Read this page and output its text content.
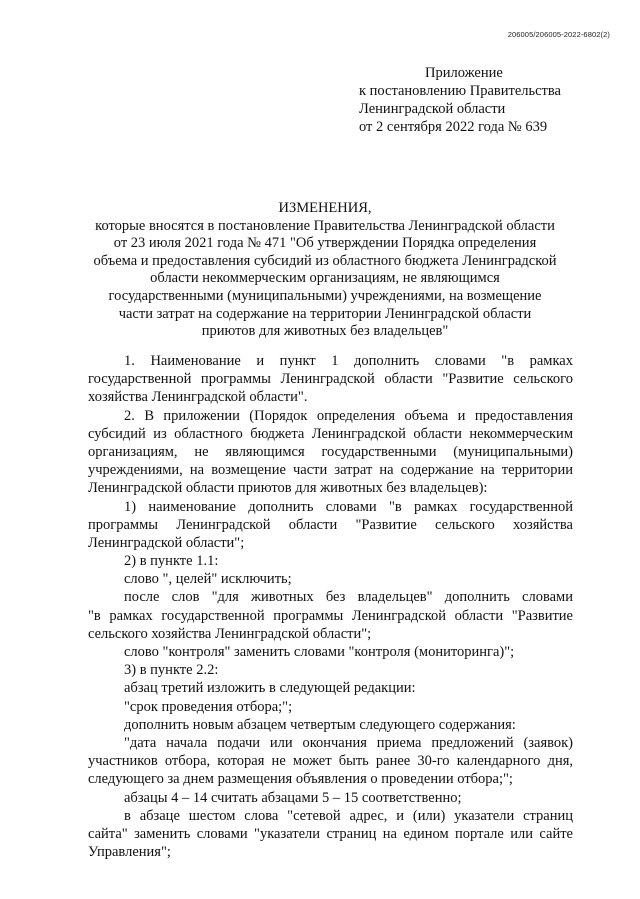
206005/206005-2022-6802(2)
Приложение
к постановлению Правительства
Ленинградской области
от 2 сентября 2022 года № 639
ИЗМЕНЕНИЯ,
которые вносятся в постановление Правительства Ленинградской области
от 23 июля 2021 года № 471 "Об утверждении Порядка определения
объема и предоставления субсидий из областного бюджета Ленинградской
области некоммерческим организациям, не являющимся
государственными (муниципальными) учреждениями, на возмещение
части затрат на содержание на территории Ленинградской области
приютов для животных без владельцев"
1. Наименование и пункт 1 дополнить словами "в рамках
государственной программы Ленинградской области "Развитие сельского
хозяйства Ленинградской области".
2. В приложении (Порядок определения объема и предоставления
субсидий из областного бюджета Ленинградской области некоммерческим
организациям, не являющимся государственными (муниципальными)
учреждениями, на возмещение части затрат на содержание на территории
Ленинградской области приютов для животных без владельцев):
1) наименование дополнить словами "в рамках государственной
программы Ленинградской области "Развитие сельского хозяйства
Ленинградской области";
2) в пункте 1.1:
слово ", целей" исключить;
после слов "для животных без владельцев" дополнить словами
"в рамках государственной программы Ленинградской области "Развитие
сельского хозяйства Ленинградской области";
слово "контроля" заменить словами "контроля (мониторинга)";
3) в пункте 2.2:
абзац третий изложить в следующей редакции:
"срок проведения отбора;";
дополнить новым абзацем четвертым следующего содержания:
"дата начала подачи или окончания приема предложений (заявок)
участников отбора, которая не может быть ранее 30-го календарного дня,
следующего за днем размещения объявления о проведении отбора;";
абзацы 4 – 14 считать абзацами 5 – 15 соответственно;
в абзаце шестом слова "сетевой адрес, и (или) указатели страниц
сайта" заменить словами "указатели страниц на едином портале или сайте
Управления";
